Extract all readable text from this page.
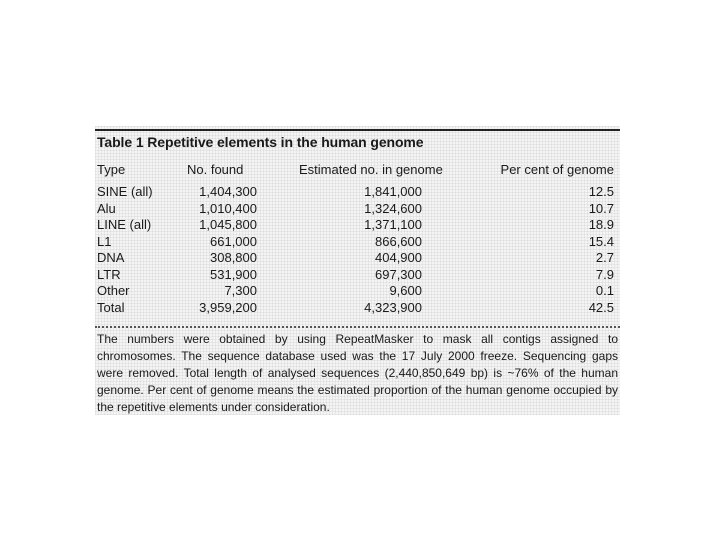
Table 1 Repetitive elements in the human genome
Type	No. found	Estimated no. in genome	Per cent of genome
SINE (all)	1,404,300	1,841,000	12.5
Alu	1,010,400	1,324,600	10.7
LINE (all)	1,045,800	1,371,100	18.9
L1	661,000	866,600	15.4
DNA	308,800	404,900	2.7
LTR	531,900	697,300	7.9
Other	7,300	9,600	0.1
Total	3,959,200	4,323,900	42.5
The numbers were obtained by using RepeatMasker to mask all contigs assigned to chromosomes. The sequence database used was the 17 July 2000 freeze. Sequencing gaps were removed. Total length of analysed sequences (2,440,850,649 bp) is ~76% of the human genome. Per cent of genome means the estimated proportion of the human genome occupied by the repetitive elements under consideration.
